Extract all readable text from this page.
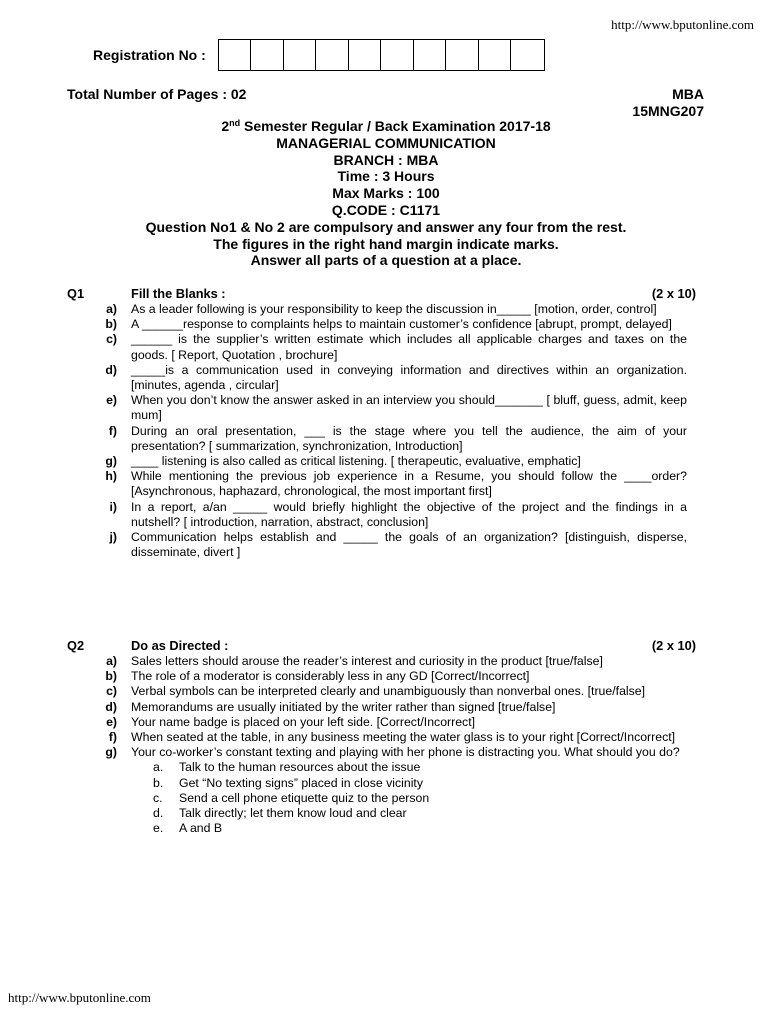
http://www.bputonline.com
Registration No :
Total Number of Pages : 02	MBA
15MNG207
2nd Semester Regular / Back Examination 2017-18
MANAGERIAL COMMUNICATION
BRANCH : MBA
Time : 3 Hours
Max Marks : 100
Q.CODE : C1171
Question No1 & No 2 are compulsory and answer any four from the rest.
The figures in the right hand margin indicate marks.
Answer all parts of a question at a place.
Q1	Fill the Blanks :	(2 x 10)
a)	As a leader following is your responsibility to keep the discussion in_____ [motion, order, control]
b)	A ______response to complaints helps to maintain customer’s confidence [abrupt, prompt, delayed]
c)	______ is the supplier’s written estimate which includes all applicable charges and taxes on the goods. [ Report, Quotation , brochure]
d)	_____is a communication used in conveying information and directives within an organization. [minutes, agenda , circular]
e)	When you don’t know the answer asked in an interview you should_______ [ bluff, guess, admit, keep mum]
f)	During an oral presentation, ___ is the stage where you tell the audience, the aim of your presentation? [ summarization, synchronization, Introduction]
g)	____ listening is also called as critical listening. [ therapeutic, evaluative, emphatic]
h)	While mentioning the previous job experience in a Resume, you should follow the ____order? [Asynchronous, haphazard, chronological, the most important first]
i)	In a report, a/an _____ would briefly highlight the objective of the project and the findings in a nutshell? [ introduction, narration, abstract, conclusion]
j)	Communication helps establish and _____ the goals of an organization? [distinguish, disperse, disseminate, divert ]
Q2	Do as Directed :	(2 x 10)
a)	Sales letters should arouse the reader’s interest and curiosity in the product [true/false]
b)	The role of a moderator is considerably less in any GD [Correct/Incorrect]
c)	Verbal symbols can be interpreted clearly and unambiguously than nonverbal ones. [true/false]
d)	Memorandums are usually initiated by the writer rather than signed [true/false]
e)	Your name badge is placed on your left side. [Correct/Incorrect]
f)	When seated at the table, in any business meeting the water glass is to your right [Correct/Incorrect]
g)	Your co-worker’s constant texting and playing with her phone is distracting you. What should you do?
a.	Talk to the human resources about the issue
b.	Get “No texting signs” placed in close vicinity
c.	Send a cell phone etiquette quiz to the person
d.	Talk directly; let them know loud and clear
e.	A and B
http://www.bputonline.com
